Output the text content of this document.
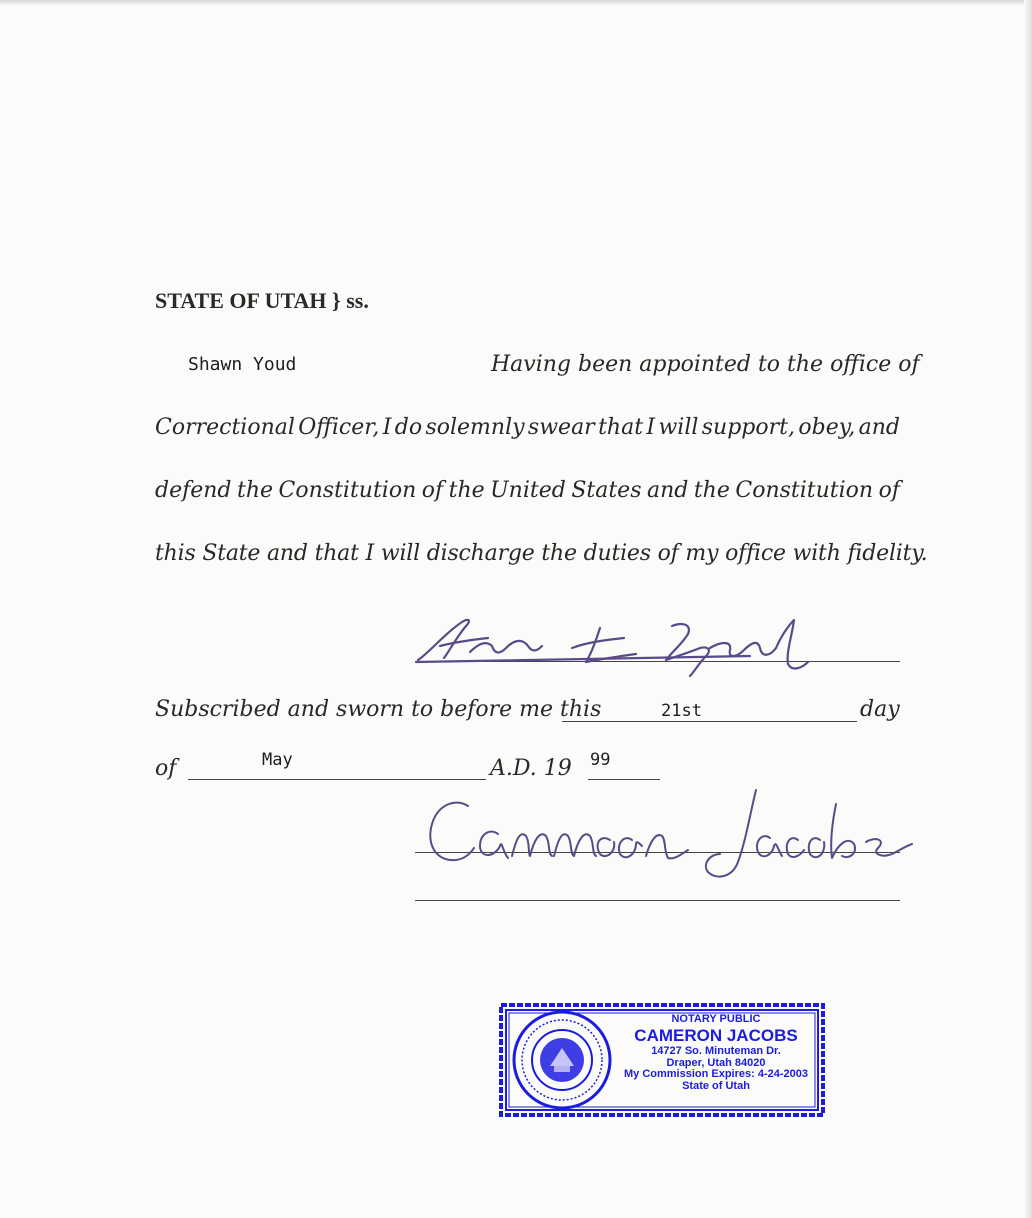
STATE OF UTAH } ss.
Shawn Youd	Having been appointed to the office of
Correctional Officer, I do solemnly swear that I will support, obey, and
defend the Constitution of the United States and the Constitution of
this State and that I will discharge the duties of my office with fidelity.
Subscribed and sworn to before me this	21st	day
of	May	A.D. 19 99
NOTARY PUBLIC
CAMERON JACOBS
14727 So. Minuteman Dr.
Draper, Utah 84020
My Commission Expires: 4-24-2003
State of Utah
